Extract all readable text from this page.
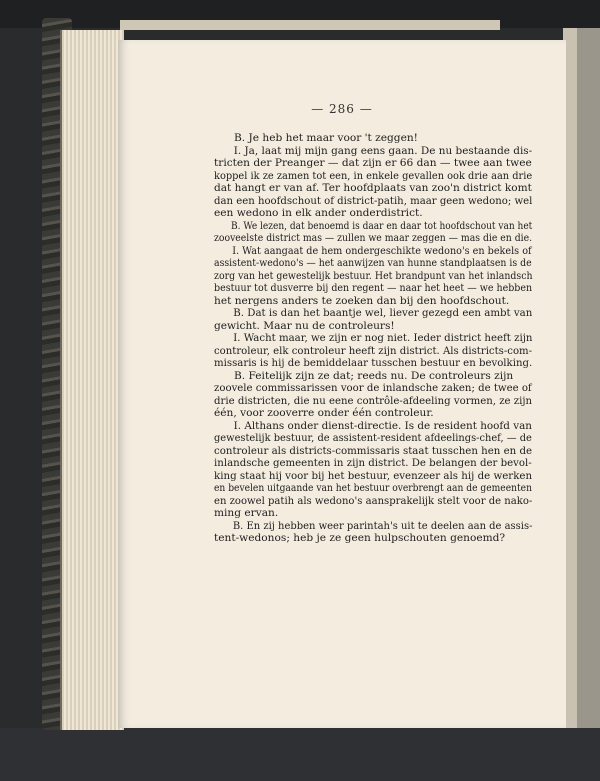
— 286 —
B. Je heb het maar voor 't zeggen!
I. Ja, laat mij mijn gang eens gaan. De nu bestaande dis-
tricten der Preanger — dat zijn er 66 dan — twee aan twee
koppel ik ze zamen tot een, in enkele gevallen ook drie aan drie
dat hangt er van af. Ter hoofdplaats van zoo'n district komt
dan een hoofdschout of district-patih, maar geen wedono; wel
een wedono in elk ander onderdistrict.
B. We lezen, dat benoemd is daar en daar tot hoofdschout van het
zooveelste district mas — zullen we maar zeggen — mas die en die.
I. Wat aangaat de hem ondergeschikte wedono's en bekels of
assistent-wedono's — het aanwijzen van hunne standplaatsen is de
zorg van het gewestelijk bestuur. Het brandpunt van het inlandsch
bestuur tot dusverre bij den regent — naar het heet — we hebben
het nergens anders te zoeken dan bij den hoofdschout.
B. Dat is dan het baantje wel, liever gezegd een ambt van
gewicht. Maar nu de controleurs!
I. Wacht maar, we zijn er nog niet. Ieder district heeft zijn
controleur, elk controleur heeft zijn district. Als districts-com-
missaris is hij de bemiddelaar tusschen bestuur en bevolking.
B. Feitelijk zijn ze dat; reeds nu. De controleurs zijn
zoovele commissarissen voor de inlandsche zaken; de twee of
drie districten, die nu eene contrôle-afdeeling vormen, ze zijn
één, voor zooverre onder één controleur.
I. Althans onder dienst-directie. Is de resident hoofd van
gewestelijk bestuur, de assistent-resident afdeelings-chef, — de
controleur als districts-commissaris staat tusschen hen en de
inlandsche gemeenten in zijn district. De belangen der bevol-
king staat hij voor bij het bestuur, evenzeer als hij de werken
en bevelen uitgaande van het bestuur overbrengt aan de gemeenten
en zoowel patih als wedono's aansprakelijk stelt voor de nako-
ming ervan.
B. En zij hebben weer parintah's uit te deelen aan de assis-
tent-wedonos; heb je ze geen hulpschouten genoemd?
